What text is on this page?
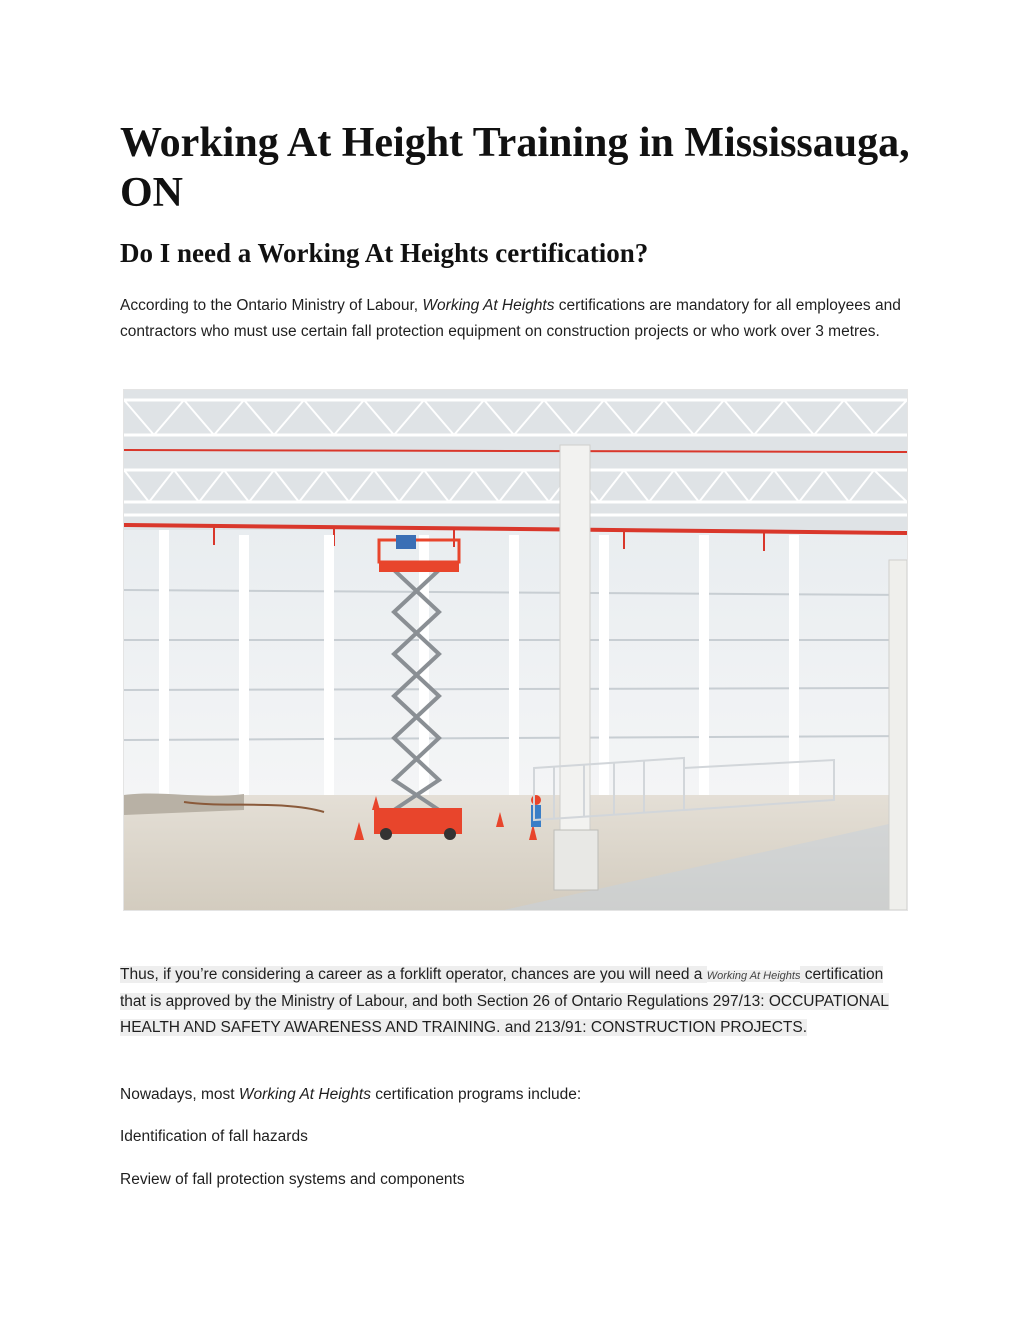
Working At Height Training in Mississauga, ON
Do I need a Working At Heights certification?

According to the Ontario Ministry of Labour, Working At Heights certifications are mandatory for all employees and contractors who must use certain fall protection equipment on construction projects or who work over 3 metres.

Thus, if you’re considering a career as a forklift operator, chances are you will need a Working At Heights certification that is approved by the Ministry of Labour, and both Section 26 of Ontario Regulations 297/13: OCCUPATIONAL HEALTH AND SAFETY AWARENESS AND TRAINING. and 213/91: CONSTRUCTION PROJECTS.

Nowadays, most Working At Heights certification programs include:

Identification of fall hazards

Review of fall protection systems and components
